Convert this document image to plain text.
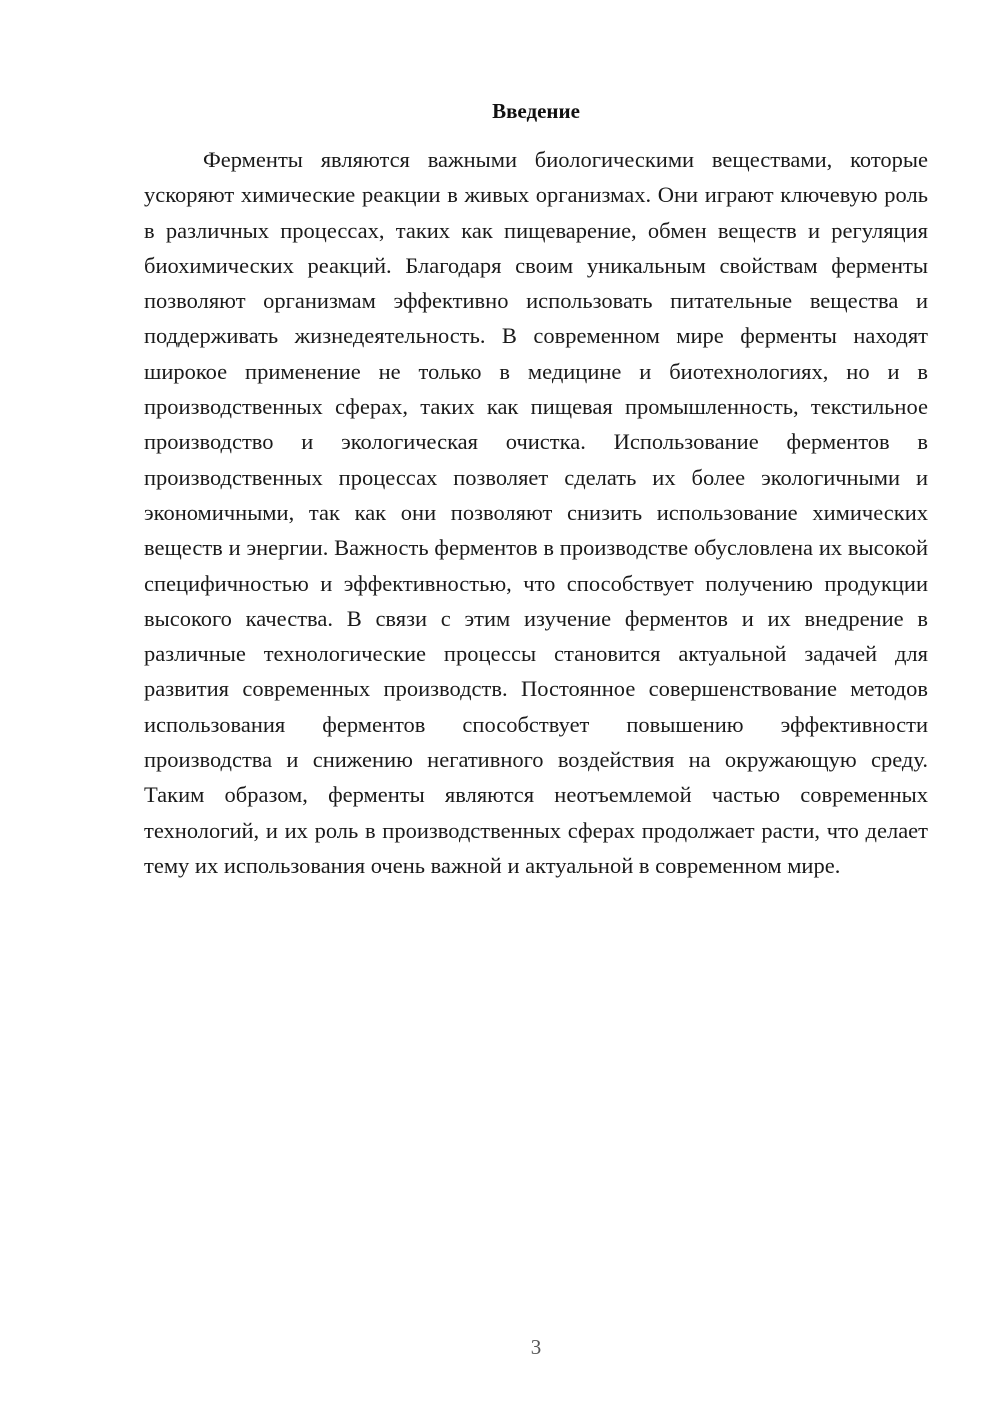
Введение

Ферменты являются важными биологическими веществами, которые ускоряют химические реакции в живых организмах. Они играют ключевую роль в различных процессах, таких как пищеварение, обмен веществ и регуляция биохимических реакций. Благодаря своим уникальным свойствам ферменты позволяют организмам эффективно использовать питательные вещества и поддерживать жизнедеятельность. В современном мире ферменты находят широкое применение не только в медицине и биотехнологиях, но и в производственных сферах, таких как пищевая промышленность, текстильное производство и экологическая очистка. Использование ферментов в производственных процессах позволяет сделать их более экологичными и экономичными, так как они позволяют снизить использование химических веществ и энергии. Важность ферментов в производстве обусловлена их высокой специфичностью и эффективностью, что способствует получению продукции высокого качества. В связи с этим изучение ферментов и их внедрение в различные технологические процессы становится актуальной задачей для развития современных производств. Постоянное совершенствование методов использования ферментов способствует повышению эффективности производства и снижению негативного воздействия на окружающую среду. Таким образом, ферменты являются неотъемлемой частью современных технологий, и их роль в производственных сферах продолжает расти, что делает тему их использования очень важной и актуальной в современном мире.

3
